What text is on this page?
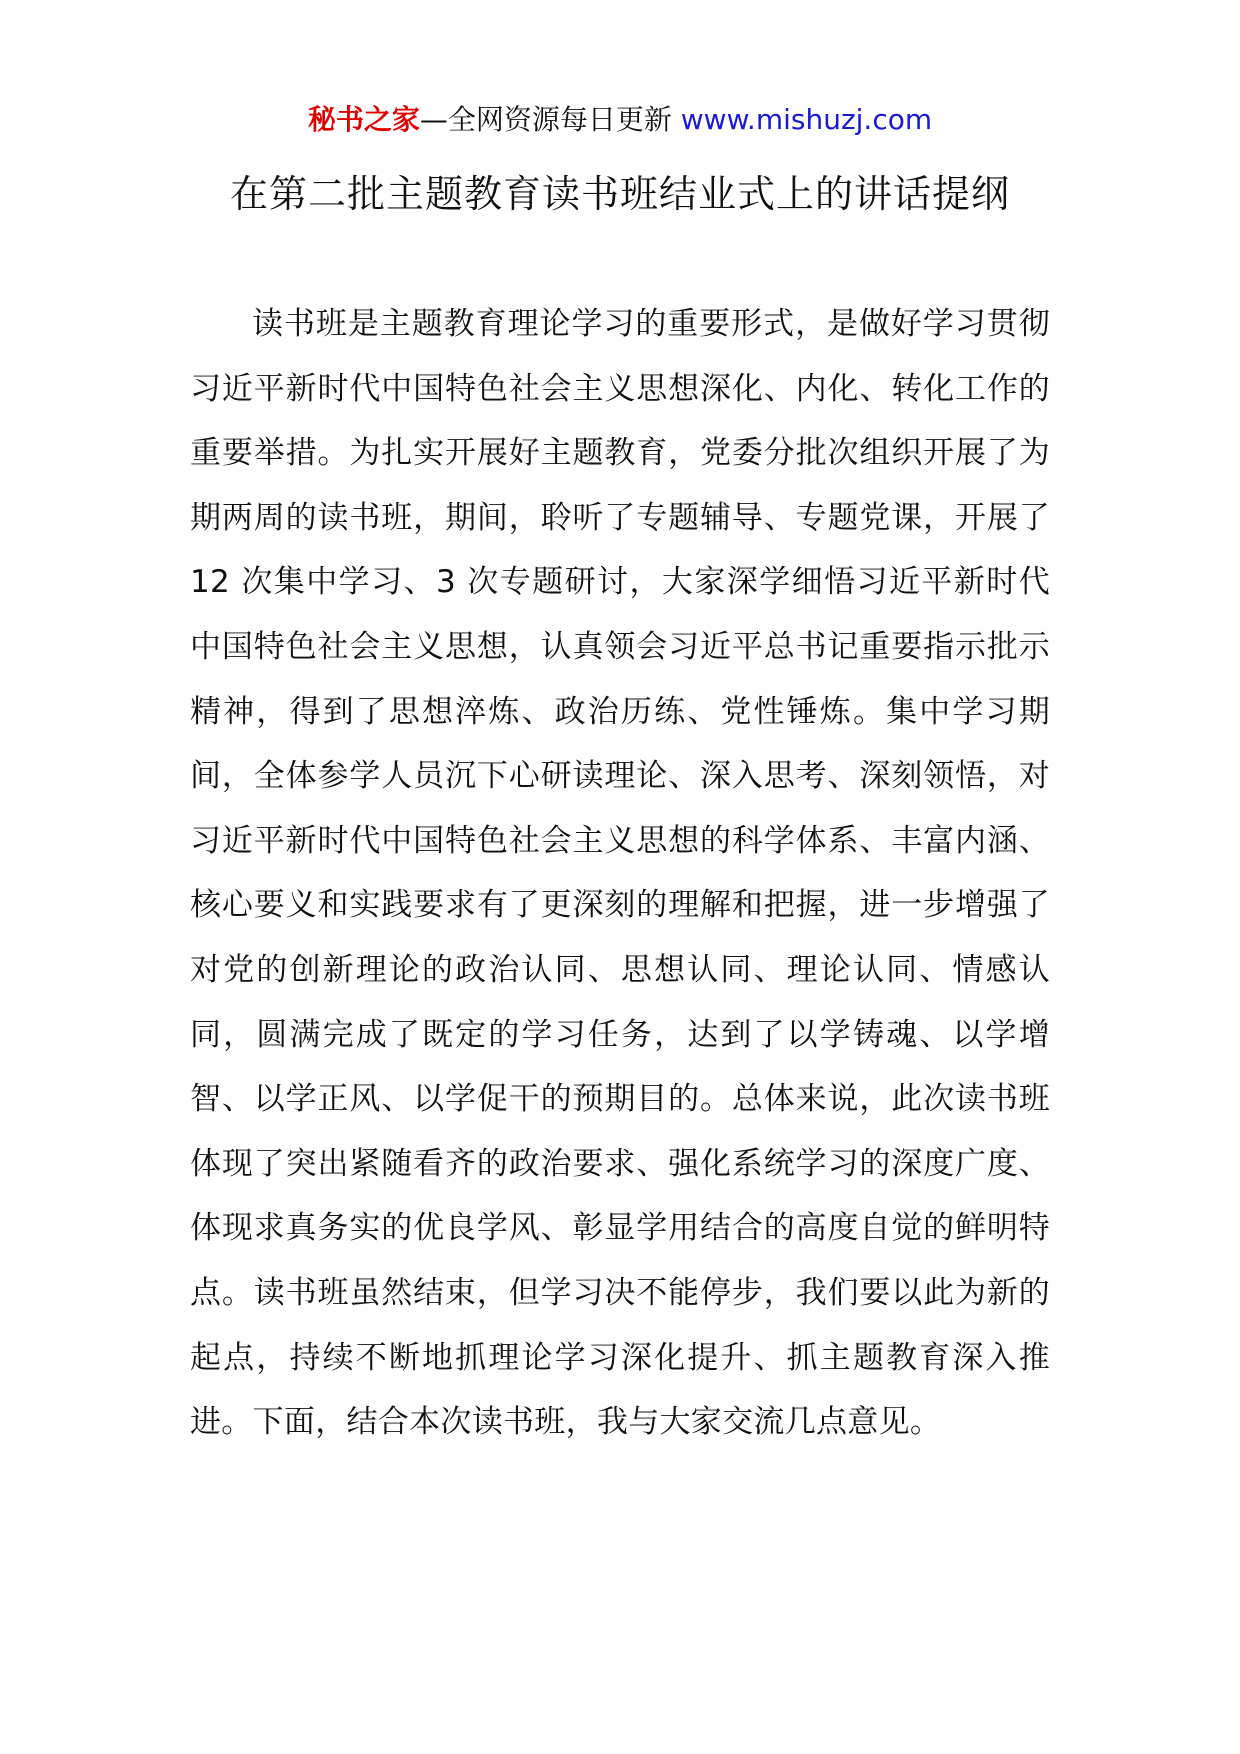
秘书之家—全网资源每日更新 www.mishuzj.com
在第二批主题教育读书班结业式上的讲话提纲

读书班是主题教育理论学习的重要形式，是做好学习贯彻习近平新时代中国特色社会主义思想深化、内化、转化工作的重要举措。为扎实开展好主题教育，党委分批次组织开展了为期两周的读书班，期间，聆听了专题辅导、专题党课，开展了 12 次集中学习、3 次专题研讨，大家深学细悟习近平新时代中国特色社会主义思想，认真领会习近平总书记重要指示批示精神，得到了思想淬炼、政治历练、党性锤炼。集中学习期间，全体参学人员沉下心研读理论、深入思考、深刻领悟，对习近平新时代中国特色社会主义思想的科学体系、丰富内涵、核心要义和实践要求有了更深刻的理解和把握，进一步增强了对党的创新理论的政治认同、思想认同、理论认同、情感认同，圆满完成了既定的学习任务，达到了以学铸魂、以学增智、以学正风、以学促干的预期目的。总体来说，此次读书班体现了突出紧随看齐的政治要求、强化系统学习的深度广度、体现求真务实的优良学风、彰显学用结合的高度自觉的鲜明特点。读书班虽然结束，但学习决不能停步，我们要以此为新的起点，持续不断地抓理论学习深化提升、抓主题教育深入推进。下面，结合本次读书班，我与大家交流几点意见。
